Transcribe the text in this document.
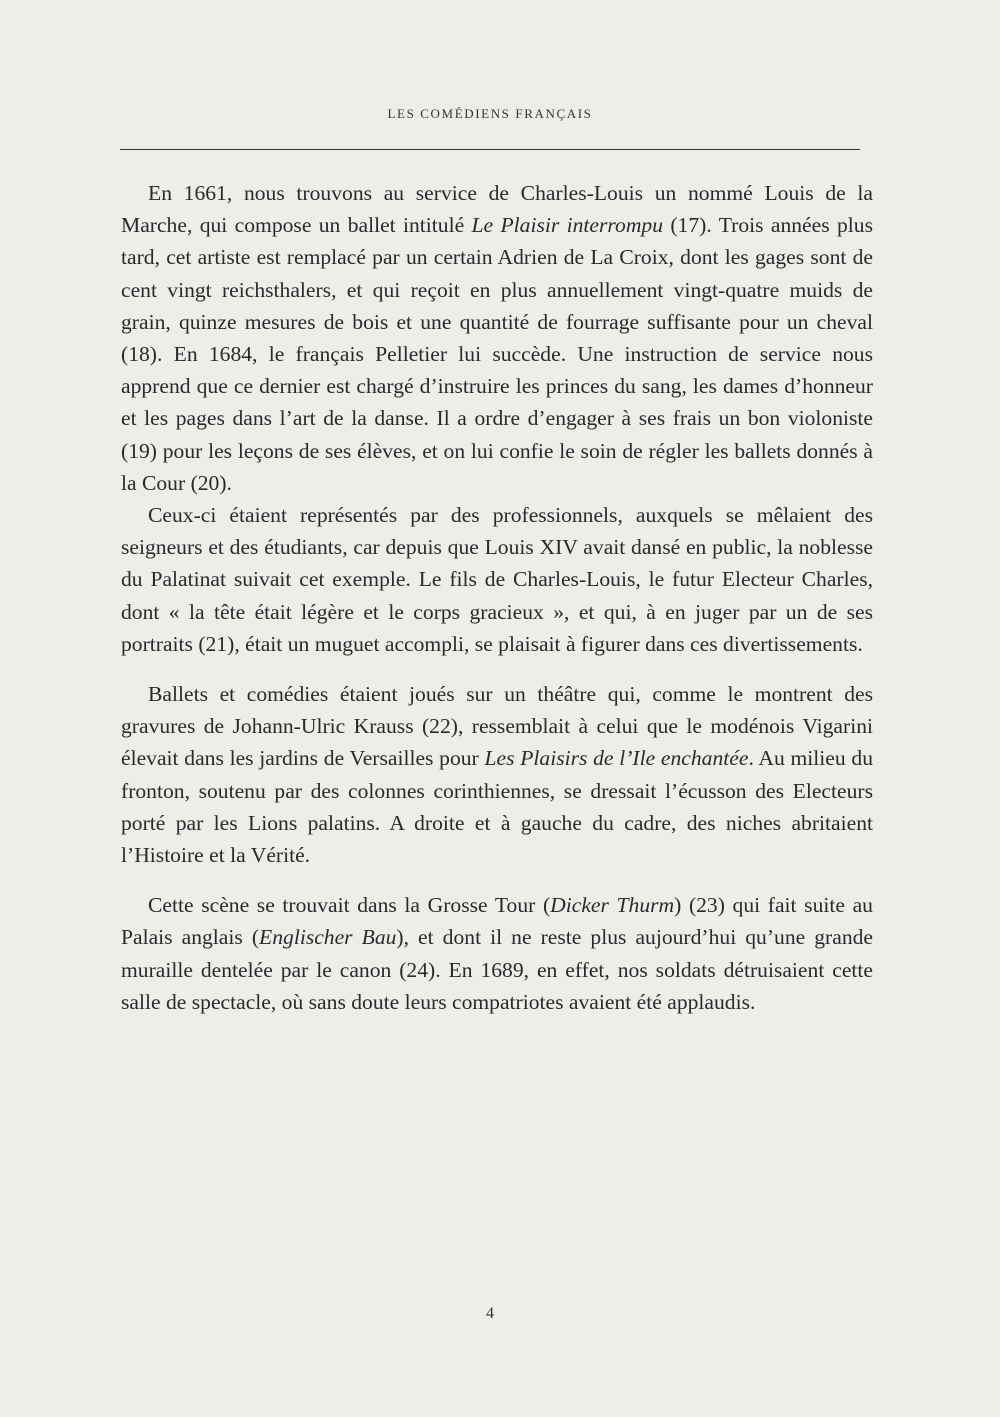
LES COMÉDIENS FRANÇAIS

En 1661, nous trouvons au service de Charles-Louis un nommé Louis de la Marche, qui compose un ballet intitulé Le Plaisir interrompu (17). Trois années plus tard, cet artiste est remplacé par un certain Adrien de La Croix, dont les gages sont de cent vingt reichsthalers, et qui reçoit en plus annuellement vingt-quatre muids de grain, quinze mesures de bois et une quantité de fourrage suffisante pour un cheval (18). En 1684, le français Pelletier lui succède. Une instruction de service nous apprend que ce dernier est chargé d’instruire les princes du sang, les dames d’honneur et les pages dans l’art de la danse. Il a ordre d’engager à ses frais un bon violoniste (19) pour les leçons de ses élèves, et on lui confie le soin de régler les ballets donnés à la Cour (20).

Ceux-ci étaient représentés par des professionnels, auxquels se mêlaient des seigneurs et des étudiants, car depuis que Louis XIV avait dansé en public, la noblesse du Palatinat suivait cet exemple. Le fils de Charles-Louis, le futur Electeur Charles, dont « la tête était légère et le corps gracieux », et qui, à en juger par un de ses portraits (21), était un muguet accompli, se plaisait à figurer dans ces divertissements.

Ballets et comédies étaient joués sur un théâtre qui, comme le montrent des gravures de Johann-Ulric Krauss (22), ressemblait à celui que le modénois Vigarini élevait dans les jardins de Versailles pour Les Plaisirs de l’Ile enchantée. Au milieu du fronton, soutenu par des colonnes corinthiennes, se dressait l’écusson des Electeurs porté par les Lions palatins. A droite et à gauche du cadre, des niches abritaient l’Histoire et la Vérité.

Cette scène se trouvait dans la Grosse Tour (Dicker Thurm) (23) qui fait suite au Palais anglais (Englischer Bau), et dont il ne reste plus aujourd’hui qu’une grande muraille dentelée par le canon (24). En 1689, en effet, nos soldats détruisaient cette salle de spectacle, où sans doute leurs compatriotes avaient été applaudis.

4
